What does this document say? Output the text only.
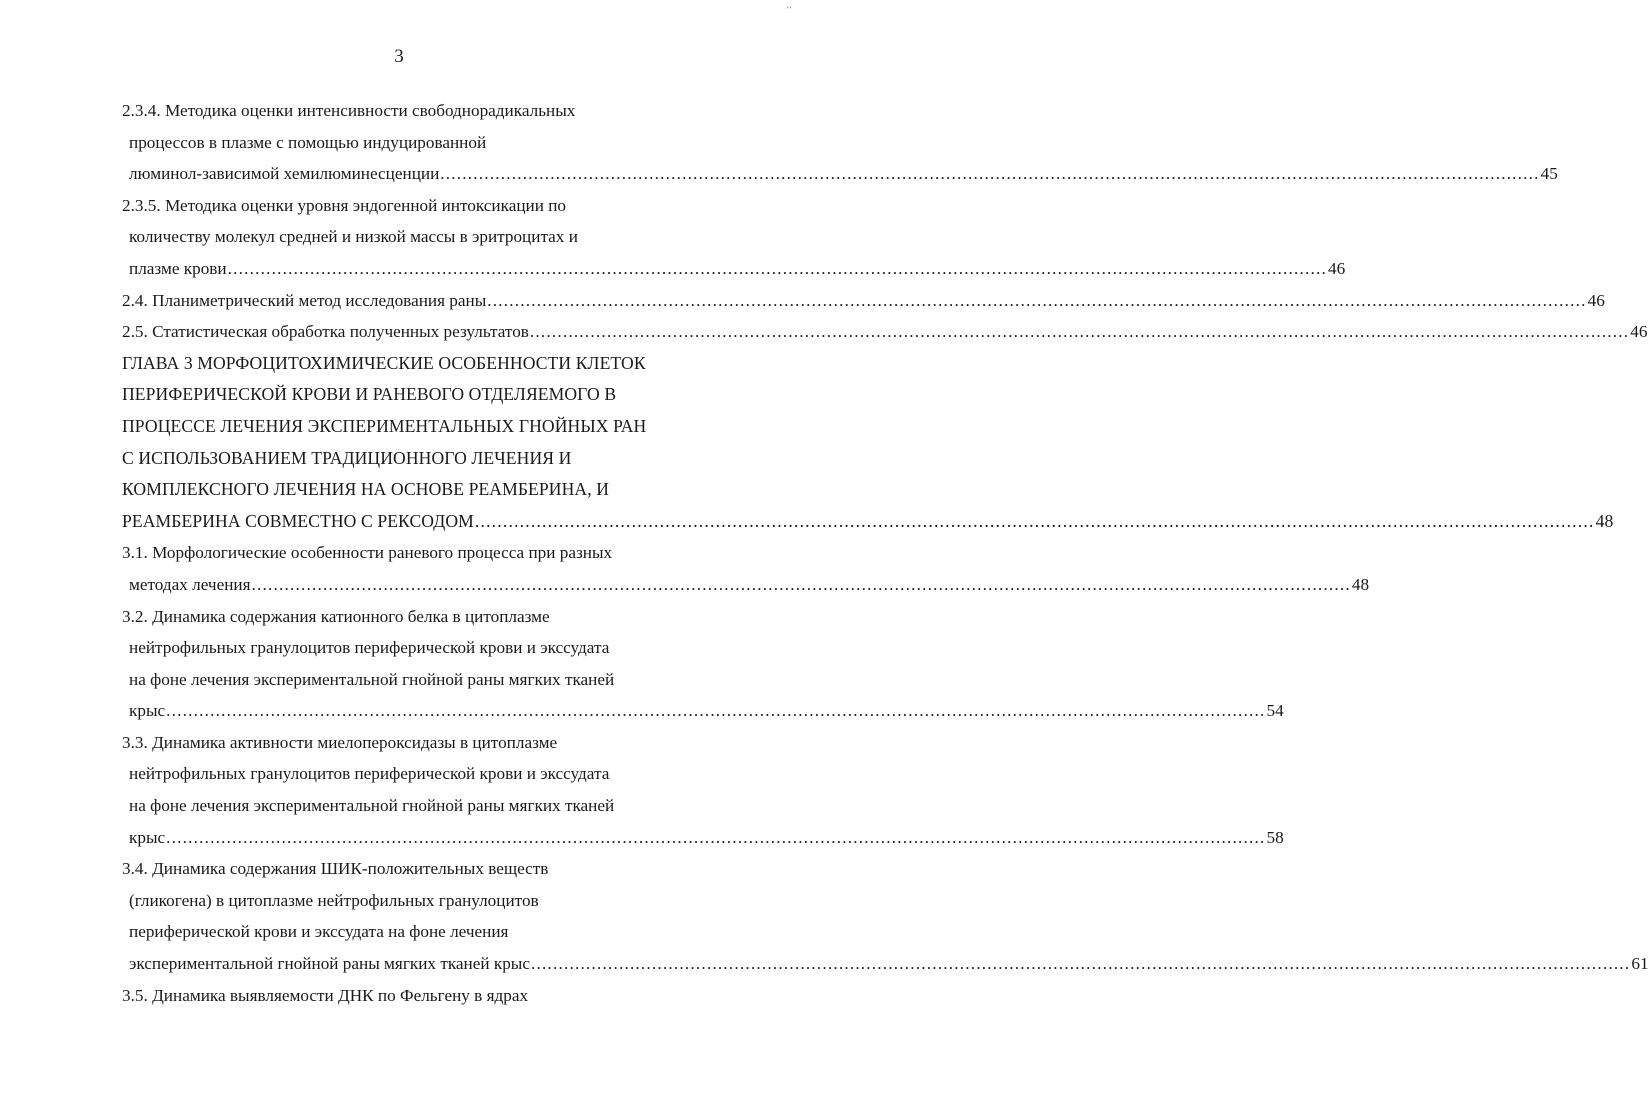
3
ʼʼ
2.3.4. Методика оценки интенсивности свободнорадикальных
процессов в плазме с помощью индуцированной
люминол-зависимой хемилюминесценции ........................................................................................................................................................................................................ 45
2.3.5. Методика оценки уровня эндогенной интоксикации по
количеству молекул средней и низкой массы в эритроцитах и
плазме крови ........................................................................................................................................................................................................ 46
2.4. Планиметрический метод исследования раны ........................................................................................................................................................................................................ 46
2.5. Статистическая обработка полученных результатов ........................................................................................................................................................................................................ 46
ГЛАВА 3 МОРФОЦИТОХИМИЧЕСКИЕ ОСОБЕННОСТИ КЛЕТОК
ПЕРИФЕРИЧЕСКОЙ КРОВИ И РАНЕВОГО ОТДЕЛЯЕМОГО В
ПРОЦЕССЕ ЛЕЧЕНИЯ ЭКСПЕРИМЕНТАЛЬНЫХ ГНОЙНЫХ РАН
С ИСПОЛЬЗОВАНИЕМ ТРАДИЦИОННОГО ЛЕЧЕНИЯ И
КОМПЛЕКСНОГО ЛЕЧЕНИЯ НА ОСНОВЕ РЕАМБЕРИНА, И
РЕАМБЕРИНА СОВМЕСТНО С РЕКСОДОМ ........................................................................................................................................................................................................ 48
3.1. Морфологические особенности раневого процесса при разных
методах лечения ........................................................................................................................................................................................................ 48
3.2. Динамика содержания катионного белка в цитоплазме
нейтрофильных гранулоцитов периферической крови и экссудата
на фоне лечения экспериментальной гнойной раны мягких тканей
крыс ........................................................................................................................................................................................................ 54
3.3. Динамика активности миелопероксидазы в цитоплазме
нейтрофильных гранулоцитов периферической крови и экссудата
на фоне лечения экспериментальной гнойной раны мягких тканей
крыс ........................................................................................................................................................................................................ 58
3.4. Динамика содержания ШИК-положительных веществ
(гликогена) в цитоплазме нейтрофильных гранулоцитов
периферической крови и экссудата на фоне лечения
экспериментальной гнойной раны мягких тканей крыс ........................................................................................................................................................................................................ 61
3.5. Динамика выявляемости ДНК по Фельгену в ядрах
